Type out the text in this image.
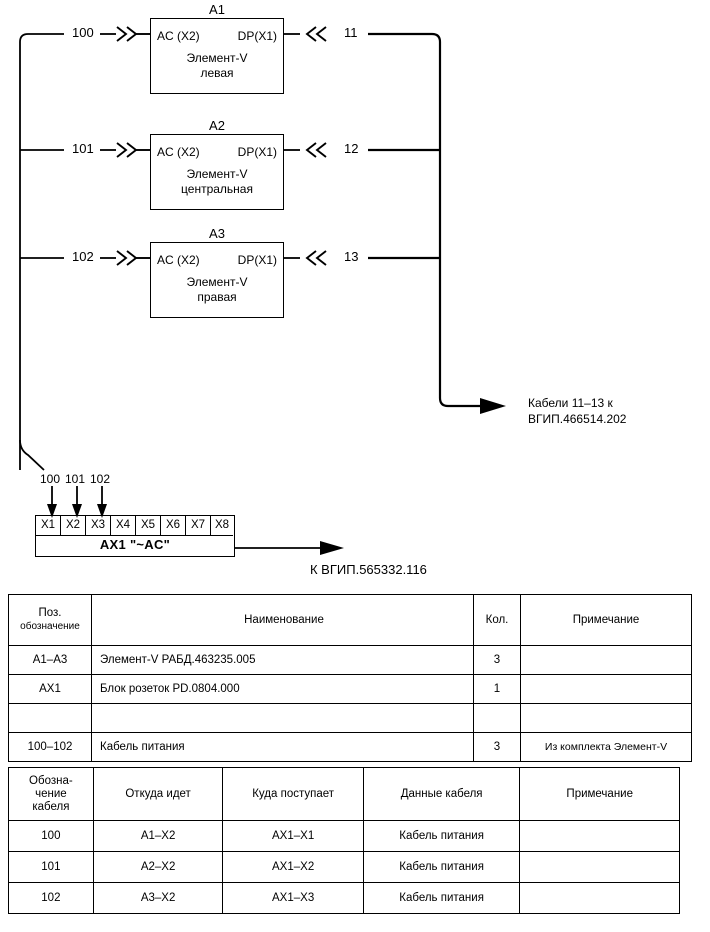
A1
AC (X2)	DP(X1)
Элемент-V
левая
100	11
A2
AC (X2)	DP(X1)
Элемент-V
центральная
101	12
A3
AC (X2)	DP(X1)
Элемент-V
правая
102	13
Кабели 11–13 к
ВГИП.466514.202
100 101 102
X1 X2 X3 X4 X5 X6 X7 X8
AX1 "~AC"
К ВГИП.565332.116
Поз.
обозначение	Наименование	Кол.	Примечание
A1–A3	Элемент-V РАБД.463235.005	3	
AX1	Блок розеток PD.0804.000	1	

100–102	Кабель питания	3	Из комплекта Элемент-V
Обозна-
чение
кабеля	Откуда идет	Куда поступает	Данные кабеля	Примечание
100	A1–X2	AX1–X1	Кабель питания	
101	A2–X2	AX1–X2	Кабель питания	
102	A3–X2	AX1–X3	Кабель питания	
